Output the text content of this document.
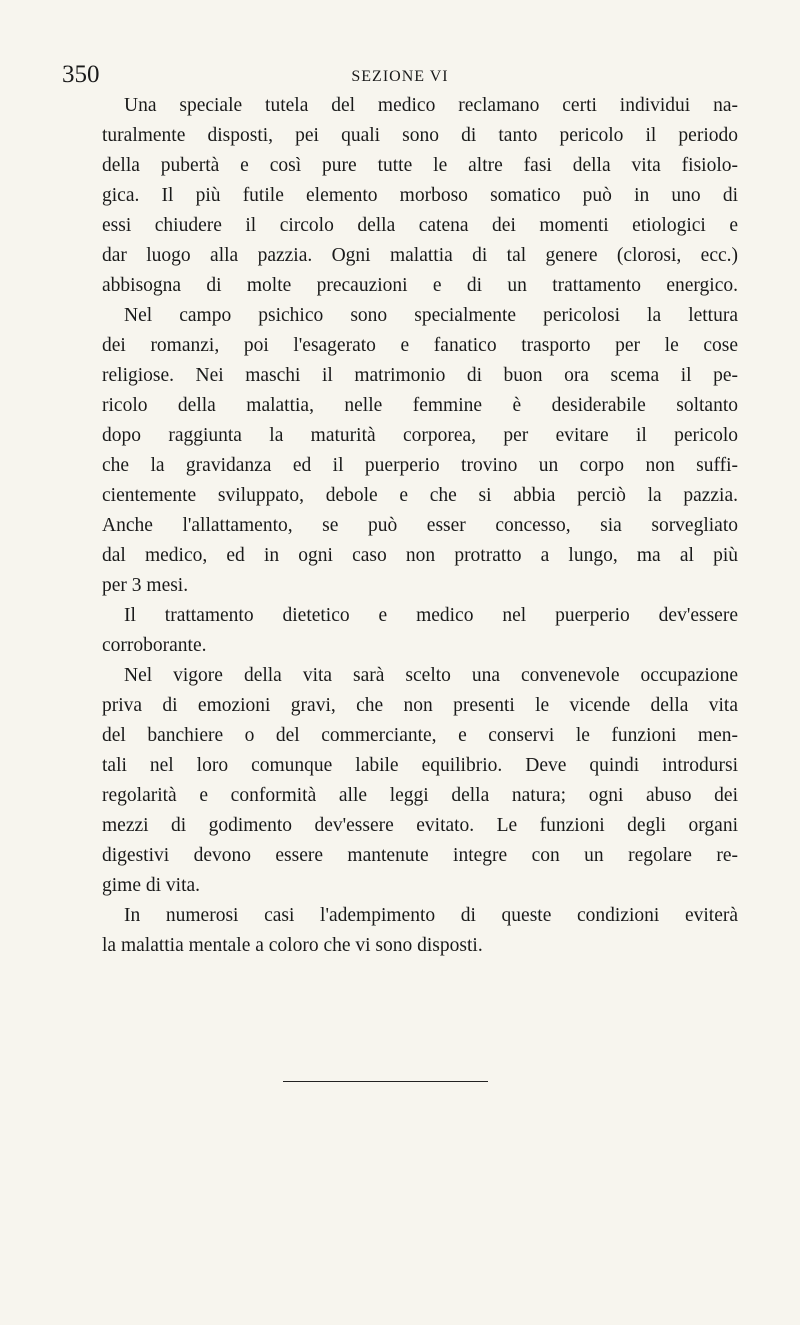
350	SEZIONE VI
Una speciale tutela del medico reclamano certi individui na-
turalmente disposti, pei quali sono di tanto pericolo il periodo
della pubertà e così pure tutte le altre fasi della vita fisiolo-
gica. Il più futile elemento morboso somatico può in uno di
essi chiudere il circolo della catena dei momenti etiologici e
dar luogo alla pazzia. Ogni malattia di tal genere (clorosi, ecc.)
abbisogna di molte precauzioni e di un trattamento energico.
Nel campo psichico sono specialmente pericolosi la lettura
dei romanzi, poi l'esagerato e fanatico trasporto per le cose
religiose. Nei maschi il matrimonio di buon ora scema il pe-
ricolo della malattia, nelle femmine è desiderabile soltanto
dopo raggiunta la maturità corporea, per evitare il pericolo
che la gravidanza ed il puerperio trovino un corpo non suffi-
cientemente sviluppato, debole e che si abbia perciò la pazzia.
Anche l'allattamento, se può esser concesso, sia sorvegliato
dal medico, ed in ogni caso non protratto a lungo, ma al più
per 3 mesi.
Il trattamento dietetico e medico nel puerperio dev'essere
corroborante.
Nel vigore della vita sarà scelto una convenevole occupazione
priva di emozioni gravi, che non presenti le vicende della vita
del banchiere o del commerciante, e conservi le funzioni men-
tali nel loro comunque labile equilibrio. Deve quindi introdursi
regolarità e conformità alle leggi della natura; ogni abuso dei
mezzi di godimento dev'essere evitato. Le funzioni degli organi
digestivi devono essere mantenute integre con un regolare re-
gime di vita.
In numerosi casi l'adempimento di queste condizioni eviterà
la malattia mentale a coloro che vi sono disposti.
